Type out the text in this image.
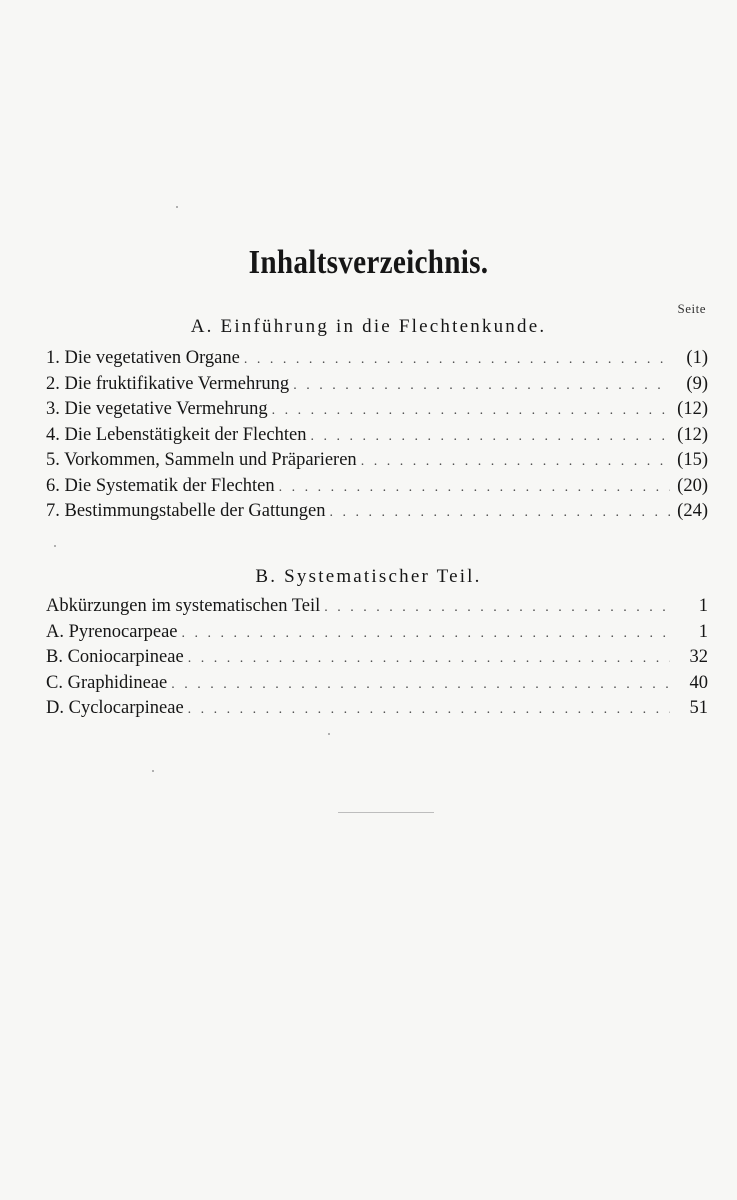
Inhaltsverzeichnis.
Seite
A. Einführung in die Flechtenkunde.
1. Die vegetativen Organe . . .	(1)
2. Die fruktifikative Vermehrung . . .	(9)
3. Die vegetative Vermehrung . . .	(12)
4. Die Lebenstätigkeit der Flechten . . .	(12)
5. Vorkommen, Sammeln und Präparieren . . .	(15)
6. Die Systematik der Flechten . . .	(20)
7. Bestimmungstabelle der Gattungen . . .	(24)
B. Systematischer Teil.
Abkürzungen im systematischen Teil . . .	1
A. Pyrenocarpeae . . .	1
B. Coniocarpineae . . .	32
C. Graphidineae . . .	40
D. Cyclocarpineae . . .	51
